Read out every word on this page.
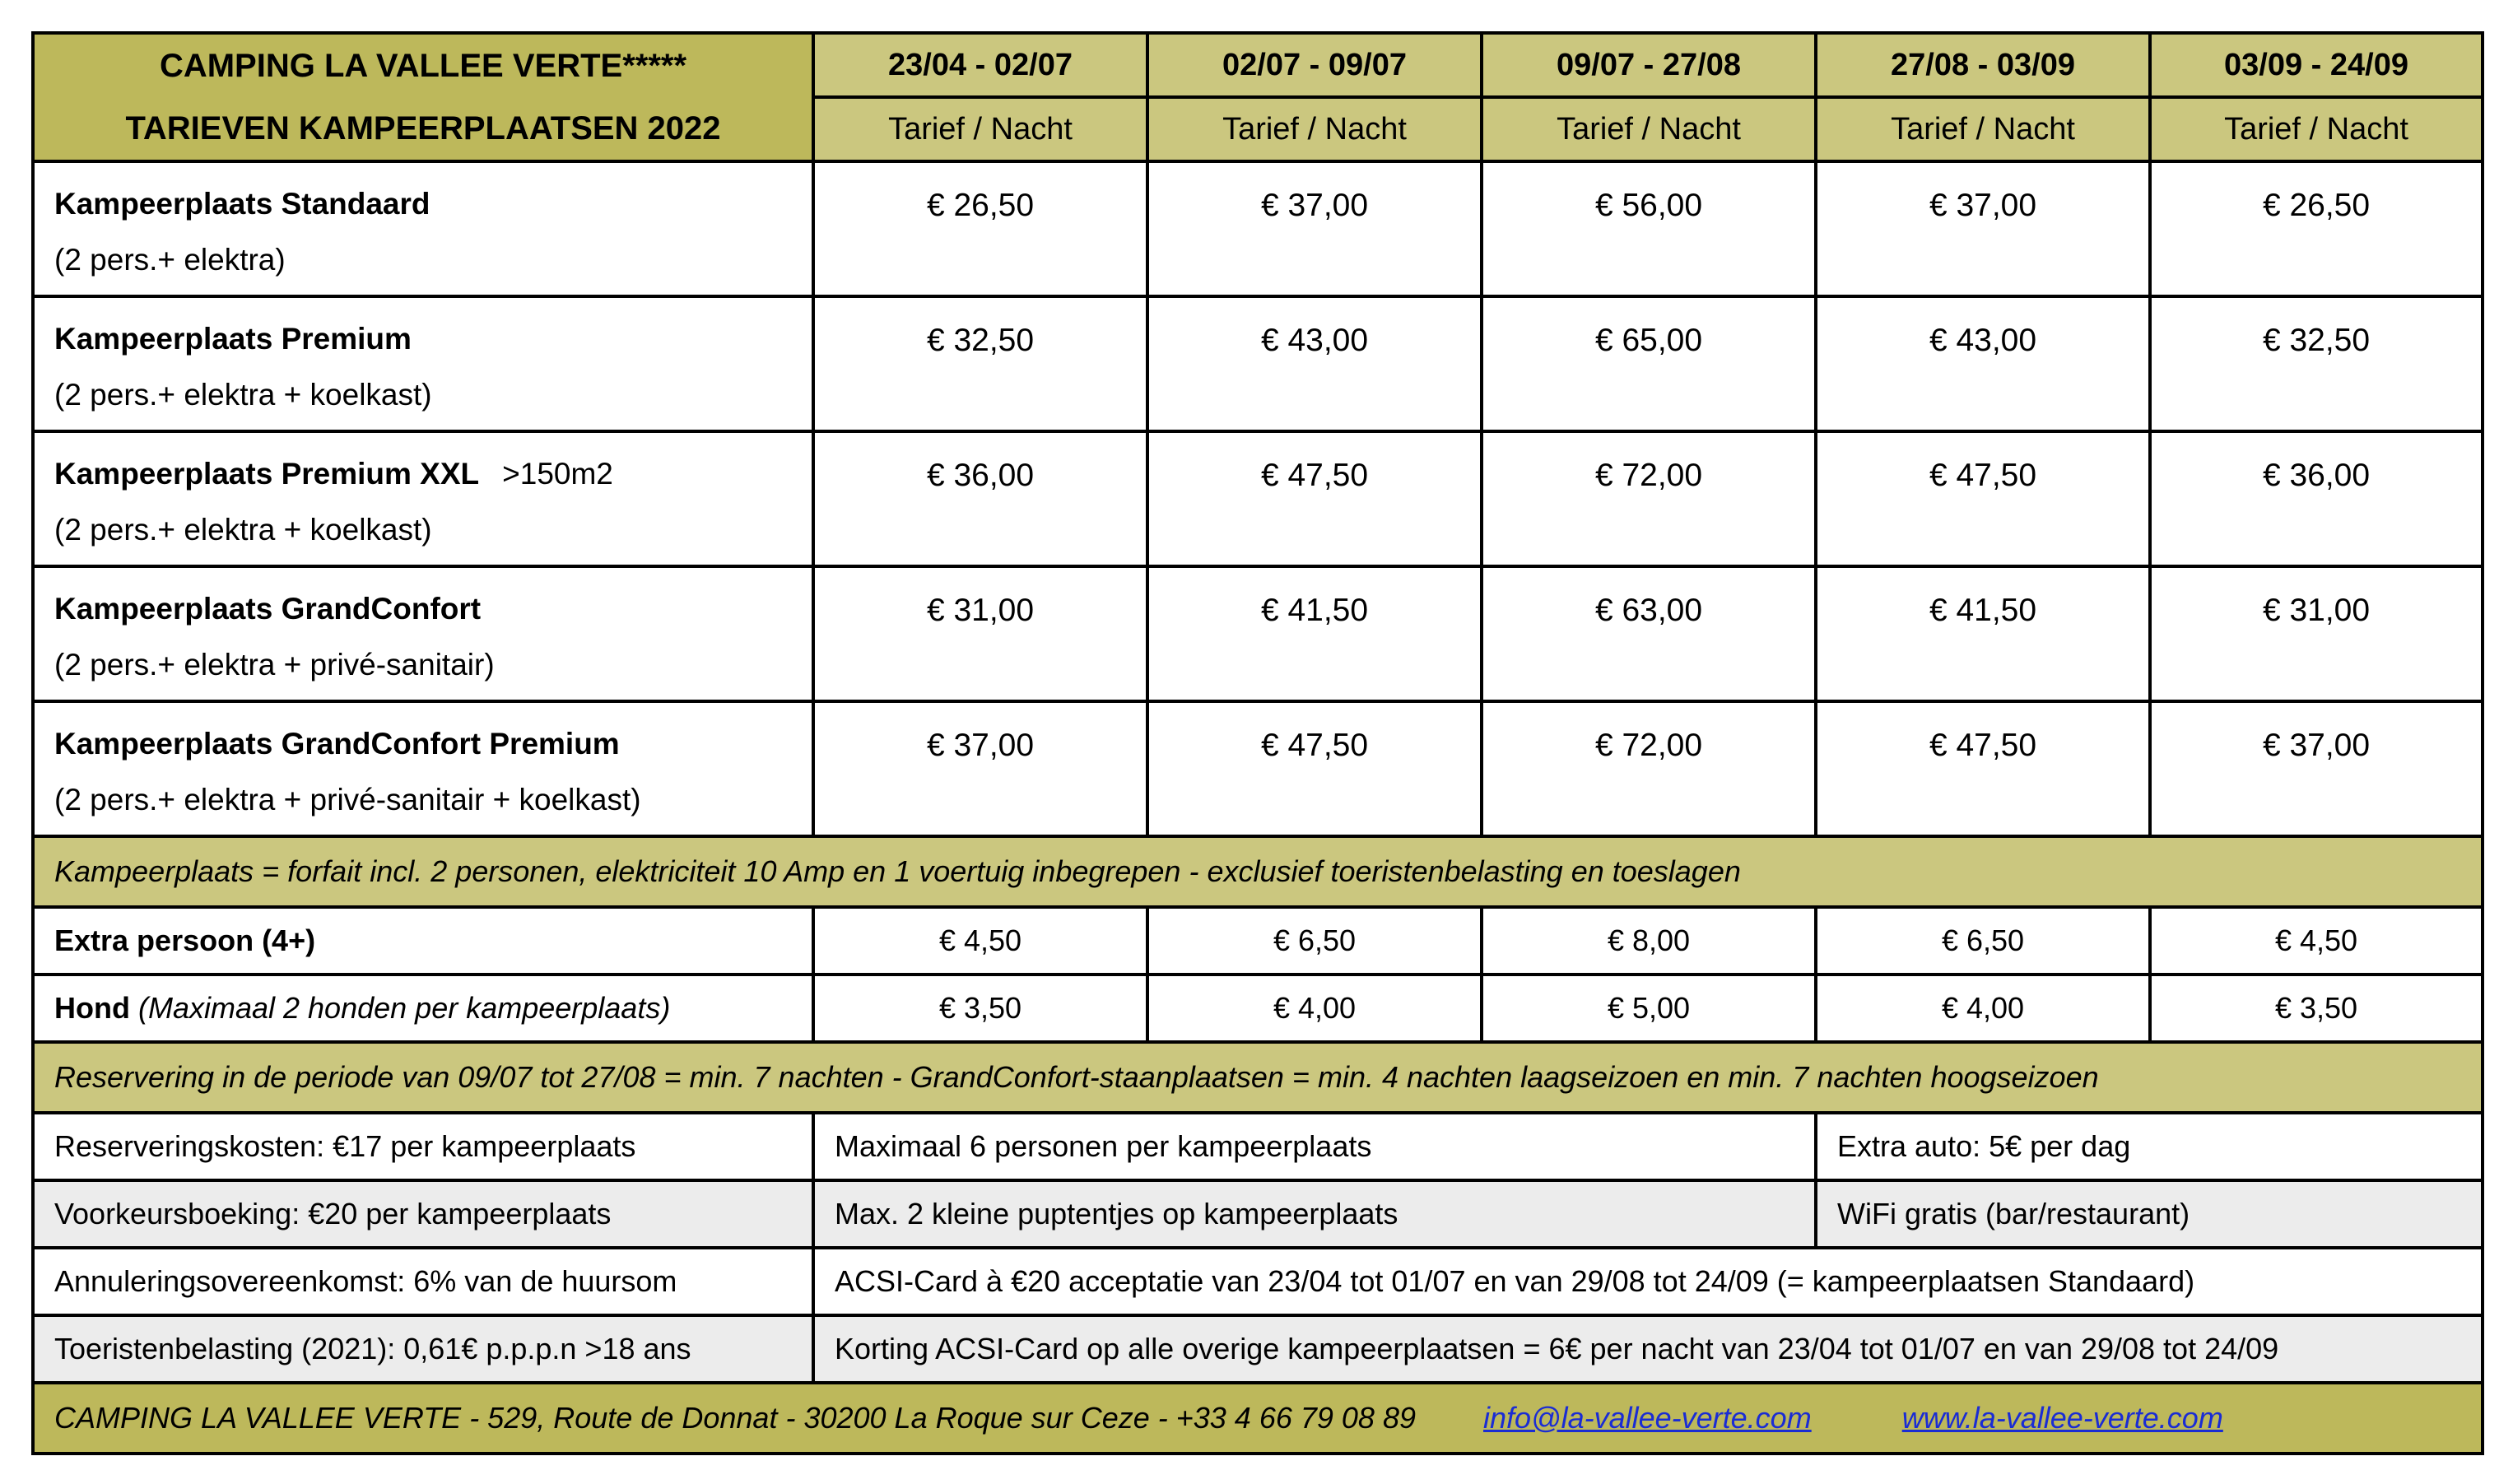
CAMPING LA VALLEE VERTE*****
TARIEVEN KAMPEERPLAATSEN 2022	23/04 - 02/07	02/07 - 09/07	09/07 - 27/08	27/08 - 03/09	03/09 - 24/09
	Tarief / Nacht	Tarief / Nacht	Tarief / Nacht	Tarief / Nacht	Tarief / Nacht

Kampeerplaats Standaard
(2 pers.+ elektra)	€ 26,50	€ 37,00	€ 56,00	€ 37,00	€ 26,50

Kampeerplaats Premium
(2 pers.+ elektra + koelkast)	€ 32,50	€ 43,00	€ 65,00	€ 43,00	€ 32,50

Kampeerplaats Premium XXL >150m2
(2 pers.+ elektra + koelkast)	€ 36,00	€ 47,50	€ 72,00	€ 47,50	€ 36,00

Kampeerplaats GrandConfort
(2 pers.+ elektra + privé-sanitair)	€ 31,00	€ 41,50	€ 63,00	€ 41,50	€ 31,00

Kampeerplaats GrandConfort Premium
(2 pers.+ elektra + privé-sanitair + koelkast)	€ 37,00	€ 47,50	€ 72,00	€ 47,50	€ 37,00
Kampeerplaats = forfait incl. 2 personen, elektriciteit 10 Amp en 1 voertuig inbegrepen - exclusief toeristenbelasting en toeslagen					
Extra persoon (4+)	€ 4,50	€ 6,50	€ 8,00	€ 6,50	€ 4,50
Hond (Maximaal 2 honden per kampeerplaats)	€ 3,50	€ 4,00	€ 5,00	€ 4,00	€ 3,50
Reservering in de periode van 09/07 tot 27/08 = min. 7 nachten - GrandConfort-staanplaatsen = min. 4 nachten laagseizoen en min. 7 nachten hoogseizoen					
Reserveringskosten: €17 per kampeerplaats	Maximaal 6 personen per kampeerplaats			Extra auto: 5€ per dag	
Voorkeursboeking: €20 per kampeerplaats	Max. 2 kleine puptentjes op kampeerplaats			WiFi gratis (bar/restaurant)	
Annuleringsovereenkomst: 6% van de huursom	ACSI-Card à €20 acceptatie van 23/04 tot 01/07 en van 29/08 tot 24/09 (= kampeerplaatsen Standaard)				
Toeristenbelasting (2021): 0,61€ p.p.p.n >18 ans	Korting ACSI-Card op alle overige kampeerplaatsen = 6€ per nacht van 23/04 tot 01/07 en van 29/08 tot 24/09				
CAMPING LA VALLEE VERTE - 529, Route de Donnat - 30200 La Roque sur Ceze - +33 4 66 79 08 89 info@la-vallee-verte.com www.la-vallee-verte.com					
